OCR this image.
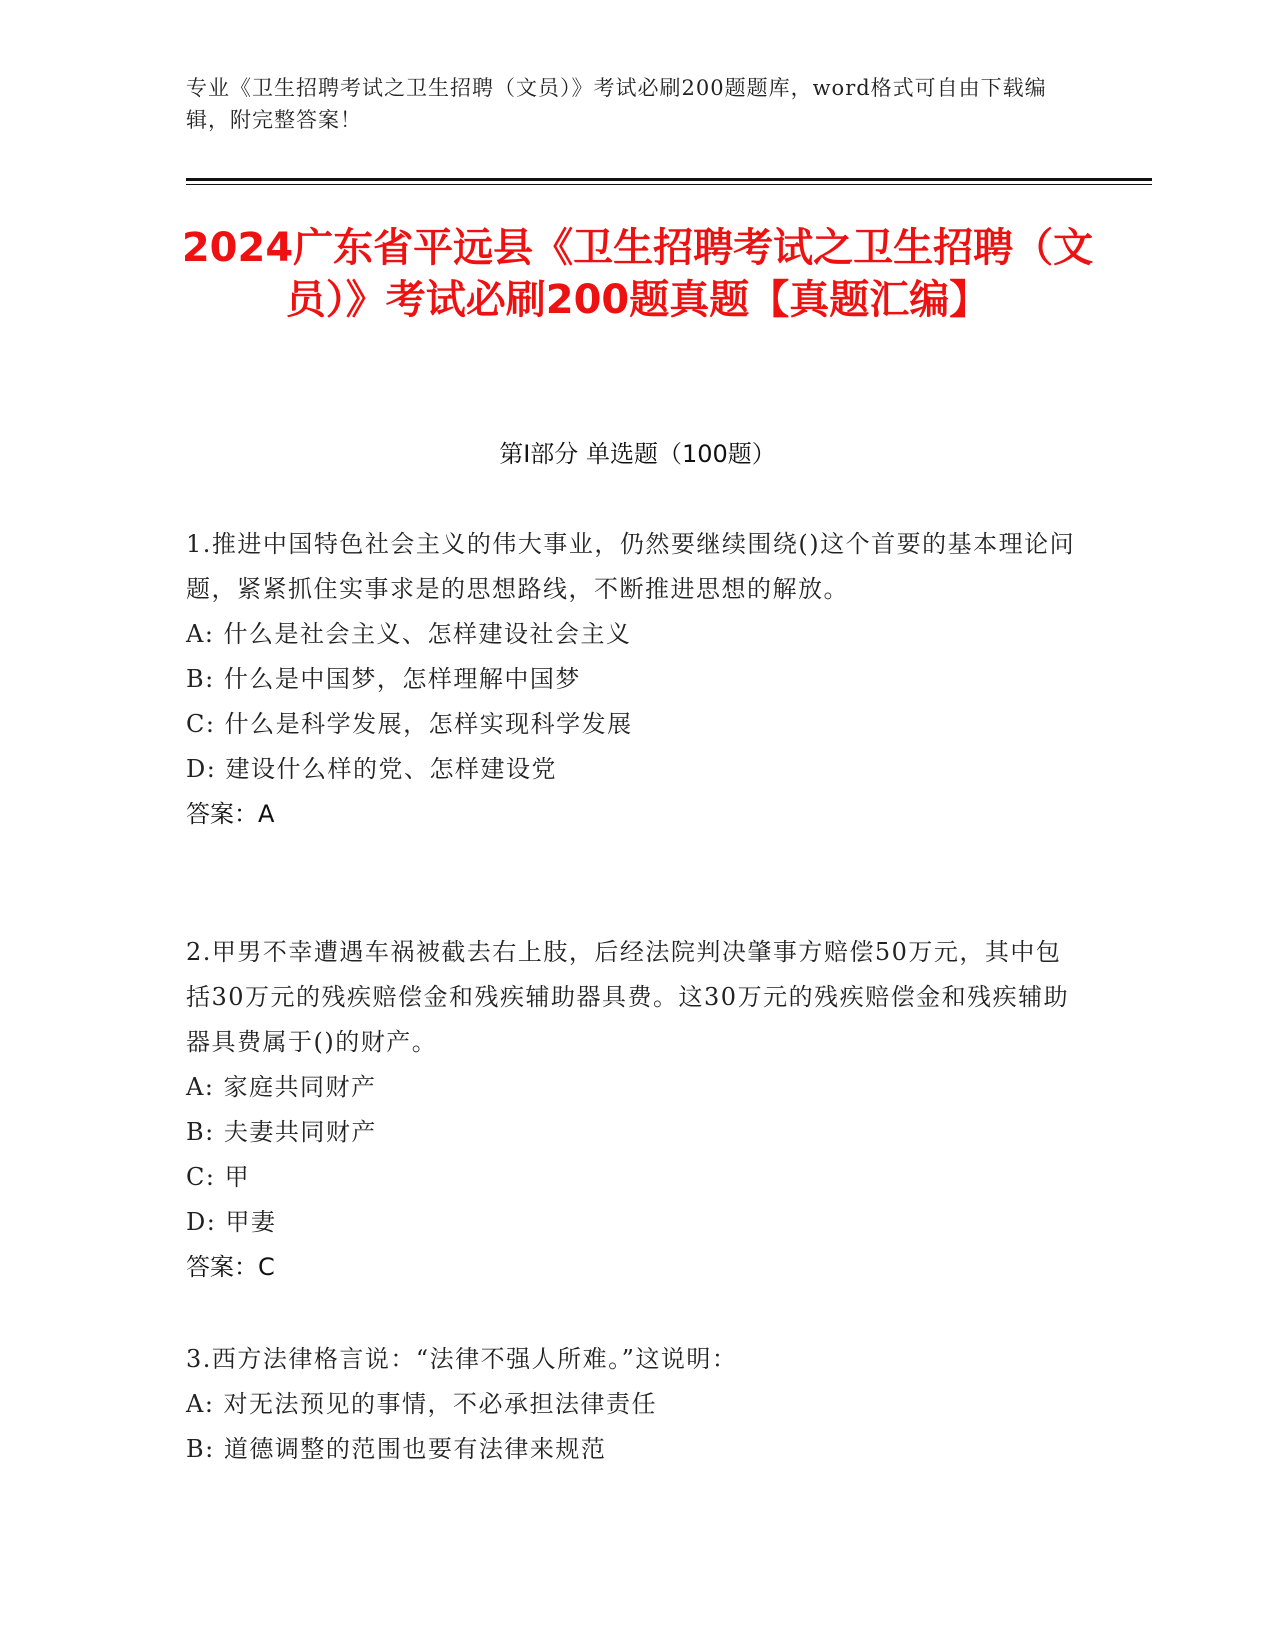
专业《卫生招聘考试之卫生招聘（文员）》考试必刷200题题库，word格式可自由下载编辑，附完整答案！
2024广东省平远县《卫生招聘考试之卫生招聘（文员）》考试必刷200题真题【真题汇编】
第I部分 单选题（100题）
1.推进中国特色社会主义的伟大事业，仍然要继续围绕()这个首要的基本理论问题，紧紧抓住实事求是的思想路线，不断推进思想的解放。
A: 什么是社会主义、怎样建设社会主义
B: 什么是中国梦，怎样理解中国梦
C: 什么是科学发展，怎样实现科学发展
D: 建设什么样的党、怎样建设党
答案：A
2.甲男不幸遭遇车祸被截去右上肢，后经法院判决肇事方赔偿50万元，其中包括30万元的残疾赔偿金和残疾辅助器具费。这30万元的残疾赔偿金和残疾辅助器具费属于()的财产。
A: 家庭共同财产
B: 夫妻共同财产
C: 甲
D: 甲妻
答案：C
3.西方法律格言说：“法律不强人所难。”这说明：
A: 对无法预见的事情，不必承担法律责任
B: 道德调整的范围也要有法律来规范
